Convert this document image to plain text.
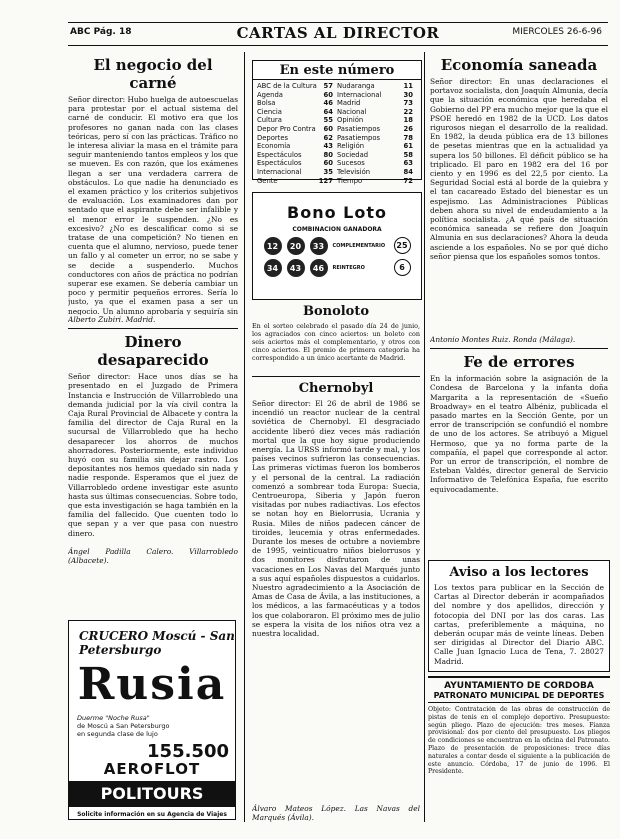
ABC Pág. 18	CARTAS AL DIRECTOR	MIERCOLES 26-6-96
El negocio del carné

Señor director: Hubo huelga de autoescuelas para protestar por el actual sistema del carné de conducir. El motivo era que los profesores no ganan nada con las clases teóricas, pero sí con las prácticas. Tráfico no le interesa aliviar la masa en el trámite para seguir manteniendo tantos empleos y los que se mueven. Es con razón, que los exámenes llegan a ser una verdadera carrera de obstáculos. Lo que nadie ha denunciado es el examen práctico y los criterios subjetivos de evaluación. Los examinadores dan por sentado que el aspirante debe ser infalible y el menor error le suspenden. ¿No es excesivo? ¿No es descalificar como si se tratase de una competición? No tienen en cuenta que el alumno, nervioso, puede tener un fallo y al cometer un error, no se sabe y se decide a suspenderlo. Muchos conductores con años de práctica no podrían superar ese examen. Se debería cambiar un poco y permitir pequeños errores. Sería lo justo, ya que el examen pasa a ser un negocio. Un alumno aprobaría y seguiría sin

Alberto Zubiri. Madrid.

Dinero desaparecido

Señor director: Hace unos días se ha presentado en el Juzgado de Primera Instancia e Instrucción de Villarrobledo una demanda judicial por la vía civil contra la Caja Rural Provincial de Albacete y contra la familia del director de Caja Rural en la sucursal de Villarrobledo que ha hecho desaparecer los ahorros de muchos ahorradores. Posteriormente, este individuo huyó con su familia sin dejar rastro. Los depositantes nos hemos quedado sin nada y nadie responde. Esperamos que el juez de Villarrobledo ordene investigar este asunto hasta sus últimas consecuencias. Sobre todo, que esta investigación se haga también en la familia del fallecido. Que cuenten todo lo que sepan y a ver que pasa con nuestro dinero.

Ángel Padilla Calero. Villarrobledo (Albacete).

CRUCERO Moscú - San Petersburgo
Rusia
Duerme "Noche Rusa"
de Moscú a San Petersburgo
en segunda clase de lujo
155.500
AEROFLOT
POLITOURS
Solicite información en su Agencia de Viajes
En este número
ABC de la Cultura 57
Agenda	60
Bolsa	46
Ciencia	64
Cultura	55
Depor Pro Contra 60
Deportes	62
Economía	43
Espectáculos	80
Espectáculos	60
Internacional	35
Gente	127
Nudaranga	11
Internacional	30
Madrid	73
Nacional	22
Opinión	18
Pasatiempos	26
Pasatiempos	78
Religión	61
Sociedad	58
Sucesos	63
Televisión	84
Tiempo	72
Bono Loto
COMBINACION GANADORA
12	20	33	COMPLEMENTARIO	25
34	43	46	REINTEGRO	6
Bonoloto

En el sorteo celebrado el pasado día 24 de junio, los agraciados con cinco aciertos: un boleto con seis aciertos más el complementario, y otros con cinco aciertos. El premio de primera categoría ha correspondido a un único acertante de Madrid.

Chernobyl

Señor director: El 26 de abril de 1986 se incendió un reactor nuclear de la central soviética de Chernobyl. El desgraciado accidente liberó diez veces más radiación mortal que la que hoy sigue produciendo energía. La URSS informó tarde y mal, y los países vecinos sufrieron las consecuencias. Las primeras víctimas fueron los bomberos y el personal de la central. La radiación comenzó a sombrear toda Europa: Suecia, Centroeuropa, Siberia y Japón fueron visitadas por nubes radiactivas. Los efectos se notan hoy en Bielorrusia, Ucrania y Rusia. Miles de niños padecen cáncer de tiroides, leucemia y otras enfermedades. Durante los meses de octubre a noviembre de 1995, veinticuatro niños bielorrusos y dos monitores disfrutaron de unas vacaciones en Los Navas del Marqués junto a sus aquí españoles dispuestos a cuidarlos. Nuestro agradecimiento a la Asociación de Amas de Casa de Ávila, a las instituciones, a los médicos, a las farmacéuticas y a todos los que colaboraron. El próximo mes de julio se espera la visita de los niños otra vez a nuestra localidad.

Álvaro Mateos López. Las Navas del Marqués (Ávila).

Economía saneada

Señor director: En unas declaraciones el portavoz socialista, don Joaquín Almunia, decía que la situación económica que heredaba el Gobierno del PP era mucho mejor que la que el PSOE heredó en 1982 de la UCD. Los datos rigurosos niegan el desarrollo de la realidad. En 1982, la deuda pública era de 13 billones de pesetas mientras que en la actualidad ya supera los 50 billones. El déficit público se ha triplicado. El paro en 1982 era del 16 por ciento y en 1996 es del 22,5 por ciento. La Seguridad Social está al borde de la quiebra y el tan cacareado Estado del bienestar es un espejismo. Las Administraciones Públicas deben ahora su nivel de endeudamiento a la política socialista. ¿A qué país de situación económica saneada se refiere don Joaquín Almunia en sus declaraciones? Ahora la deuda asciende a los españoles. No se por qué dicho señor piensa que los españoles somos tontos.

Antonio Montes Ruiz. Ronda (Málaga).

Fe de errores

En la información sobre la asignación de la Condesa de Barcelona y la infanta doña Margarita a la representación de «Sueño Broadway» en el teatro Albéniz, publicada el pasado martes en la Sección Gente, por un error de transcripción se confundió el nombre de uno de los actores. Se atribuyó a Miguel Hermoso, que ya no forma parte de la compañía, el papel que corresponde al actor. Por un error de transcripción, el nombre de Esteban Valdés, director general de Servicio Informativo de Telefónica España, fue escrito equivocadamente.

Aviso a los lectores

Los textos para publicar en la Sección de Cartas al Director deberán ir acompañados del nombre y dos apellidos, dirección y fotocopia del DNI por las dos caras. Las cartas, preferiblemente a máquina, no deberán ocupar más de veinte líneas. Deben ser dirigidas al Director del Diario ABC. Calle Juan Ignacio Luca de Tena, 7. 28027 Madrid.

AYUNTAMIENTO DE CORDOBA
PATRONATO MUNICIPAL DE DEPORTES

Objeto: Contratación de las obras de construcción de pistas de tenis en el complejo deportivo. Presupuesto: según pliego. Plazo de ejecución: tres meses. Fianza provisional: dos por ciento del presupuesto. Los pliegos de condiciones se encuentran en la oficina del Patronato. Plazo de presentación de proposiciones: trece días naturales a contar desde el siguiente a la publicación de este anuncio. Córdoba, 17 de junio de 1996. El Presidente.
